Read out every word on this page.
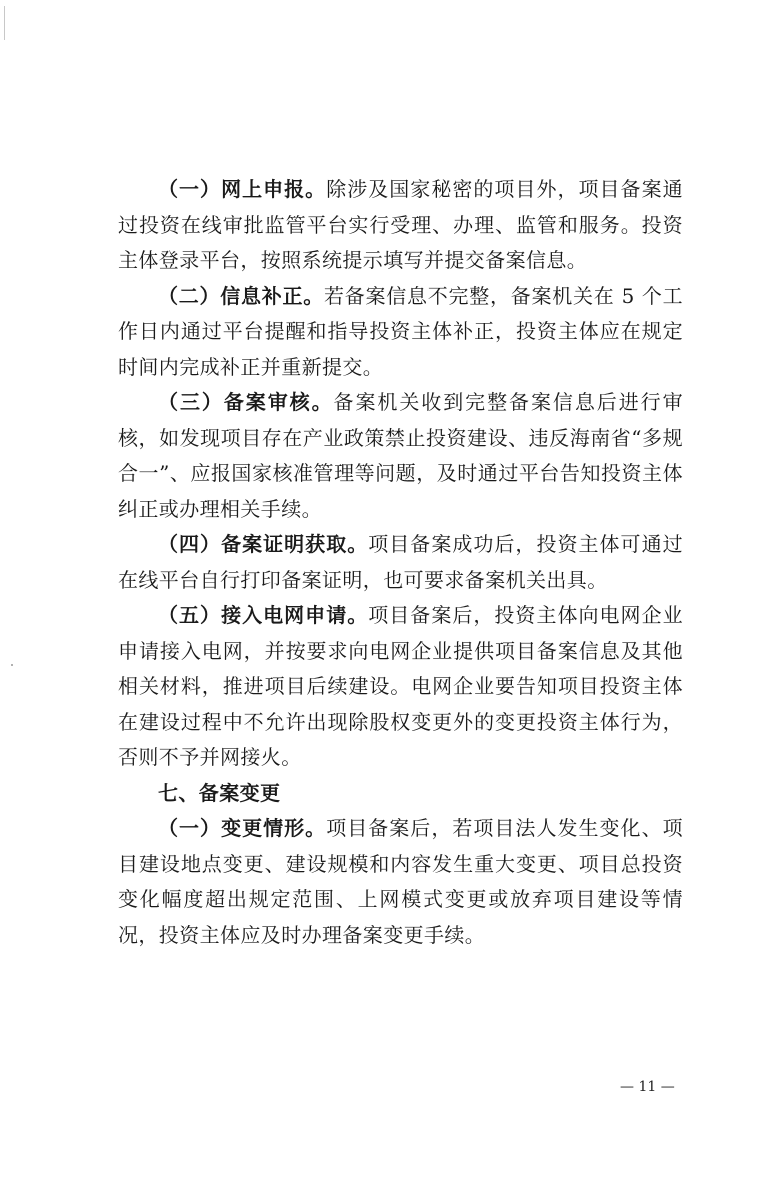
（一）网上申报。除涉及国家秘密的项目外，项目备案通过投资在线审批监管平台实行受理、办理、监管和服务。投资主体登录平台，按照系统提示填写并提交备案信息。

（二）信息补正。若备案信息不完整，备案机关在 5 个工作日内通过平台提醒和指导投资主体补正，投资主体应在规定时间内完成补正并重新提交。

（三）备案审核。备案机关收到完整备案信息后进行审核，如发现项目存在产业政策禁止投资建设、违反海南省“多规合一”、应报国家核准管理等问题，及时通过平台告知投资主体纠正或办理相关手续。

（四）备案证明获取。项目备案成功后，投资主体可通过在线平台自行打印备案证明，也可要求备案机关出具。

（五）接入电网申请。项目备案后，投资主体向电网企业申请接入电网，并按要求向电网企业提供项目备案信息及其他相关材料，推进项目后续建设。电网企业要告知项目投资主体在建设过程中不允许出现除股权变更外的变更投资主体行为，否则不予并网接火。

七、备案变更

（一）变更情形。项目备案后，若项目法人发生变化、项目建设地点变更、建设规模和内容发生重大变更、项目总投资变化幅度超出规定范围、上网模式变更或放弃项目建设等情况，投资主体应及时办理备案变更手续。

— 11 —
